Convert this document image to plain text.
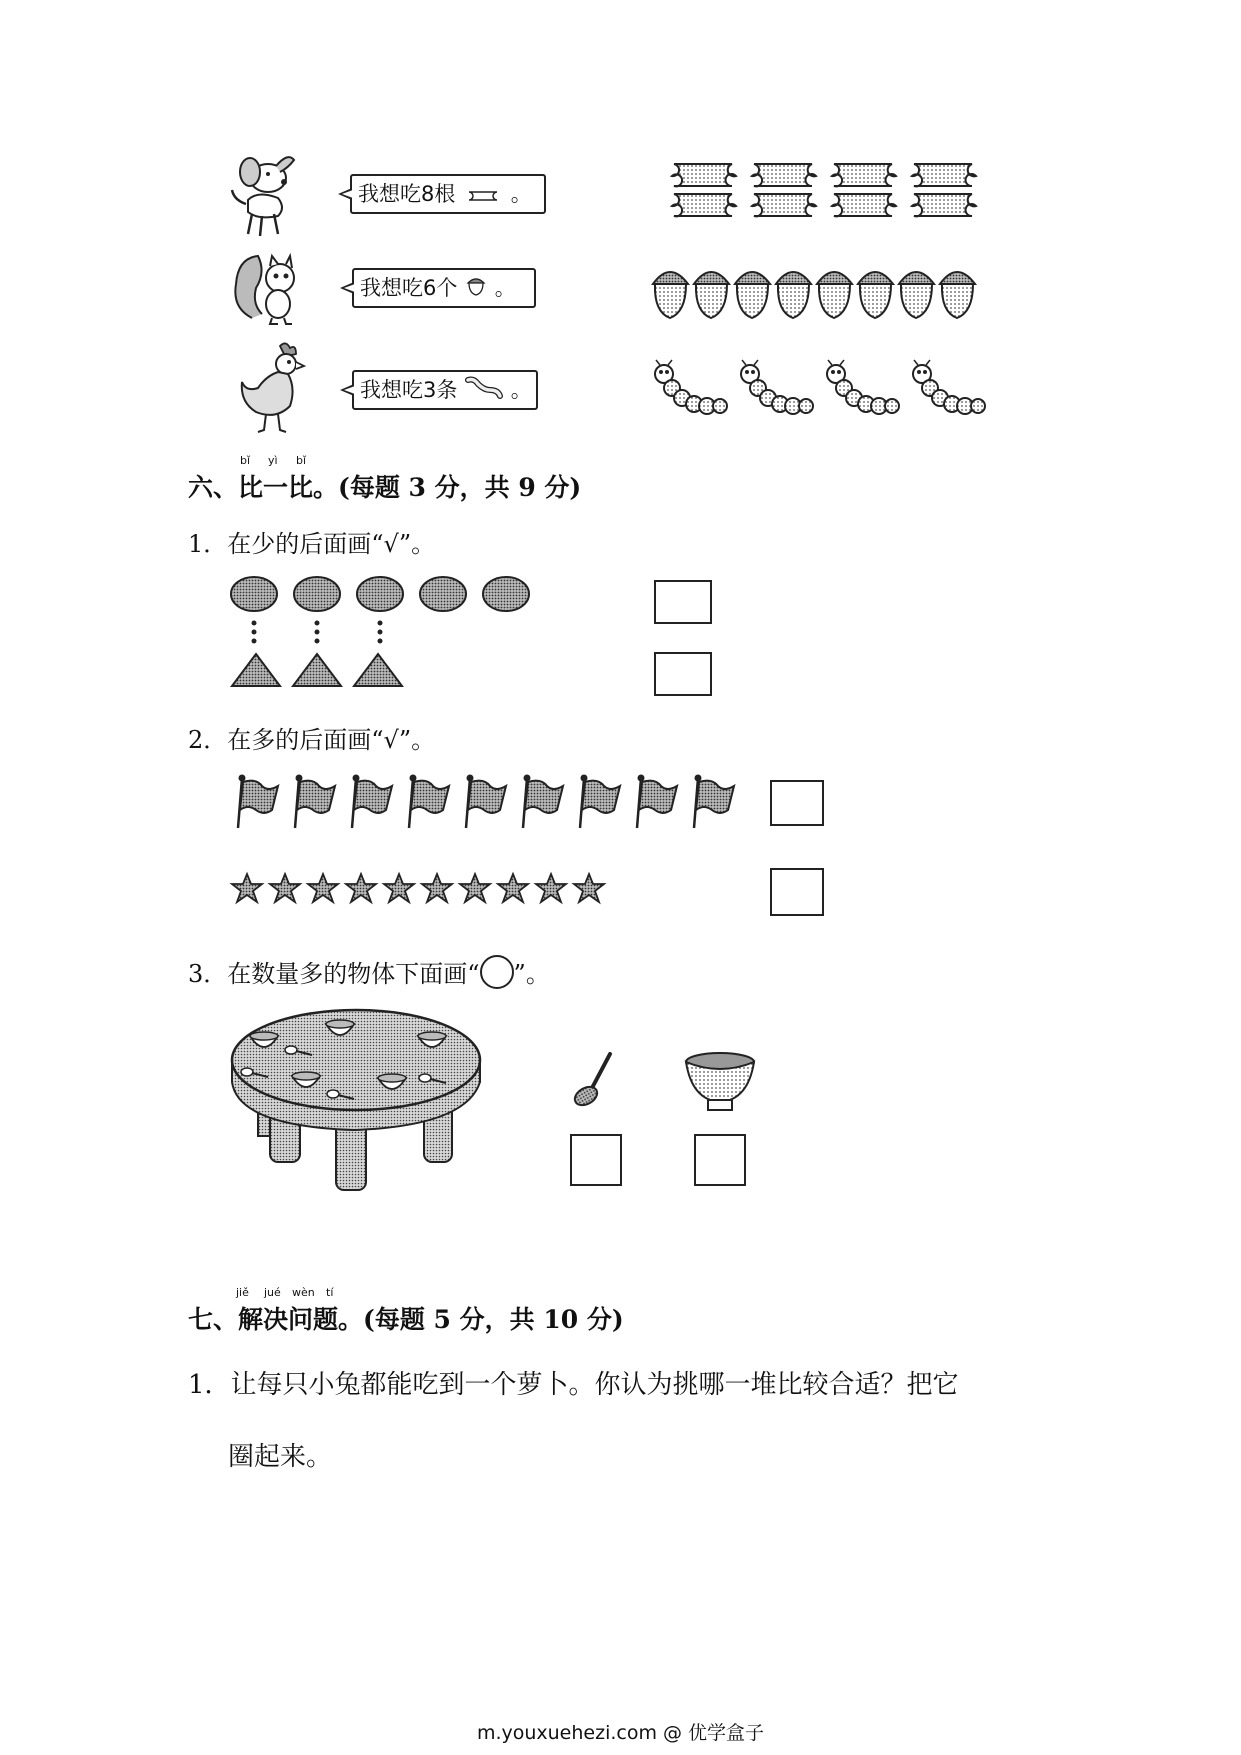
我想吃8根	。
我想吃6个 。
我想吃3条	。
bǐ yì bǐ
六、比一比。(每题 3 分，共 9 分)
1．在少的后面画“√”。
2．在多的后面画“√”。
3．在数量多的物体下面画“ ”。
jiě jué wèn tí
七、解决问题。(每题 5 分，共 10 分)
1．让每只小兔都能吃到一个萝卜。你认为挑哪一堆比较合适？把它
圈起来。
m.youxuehezi.com @ 优学盒子
